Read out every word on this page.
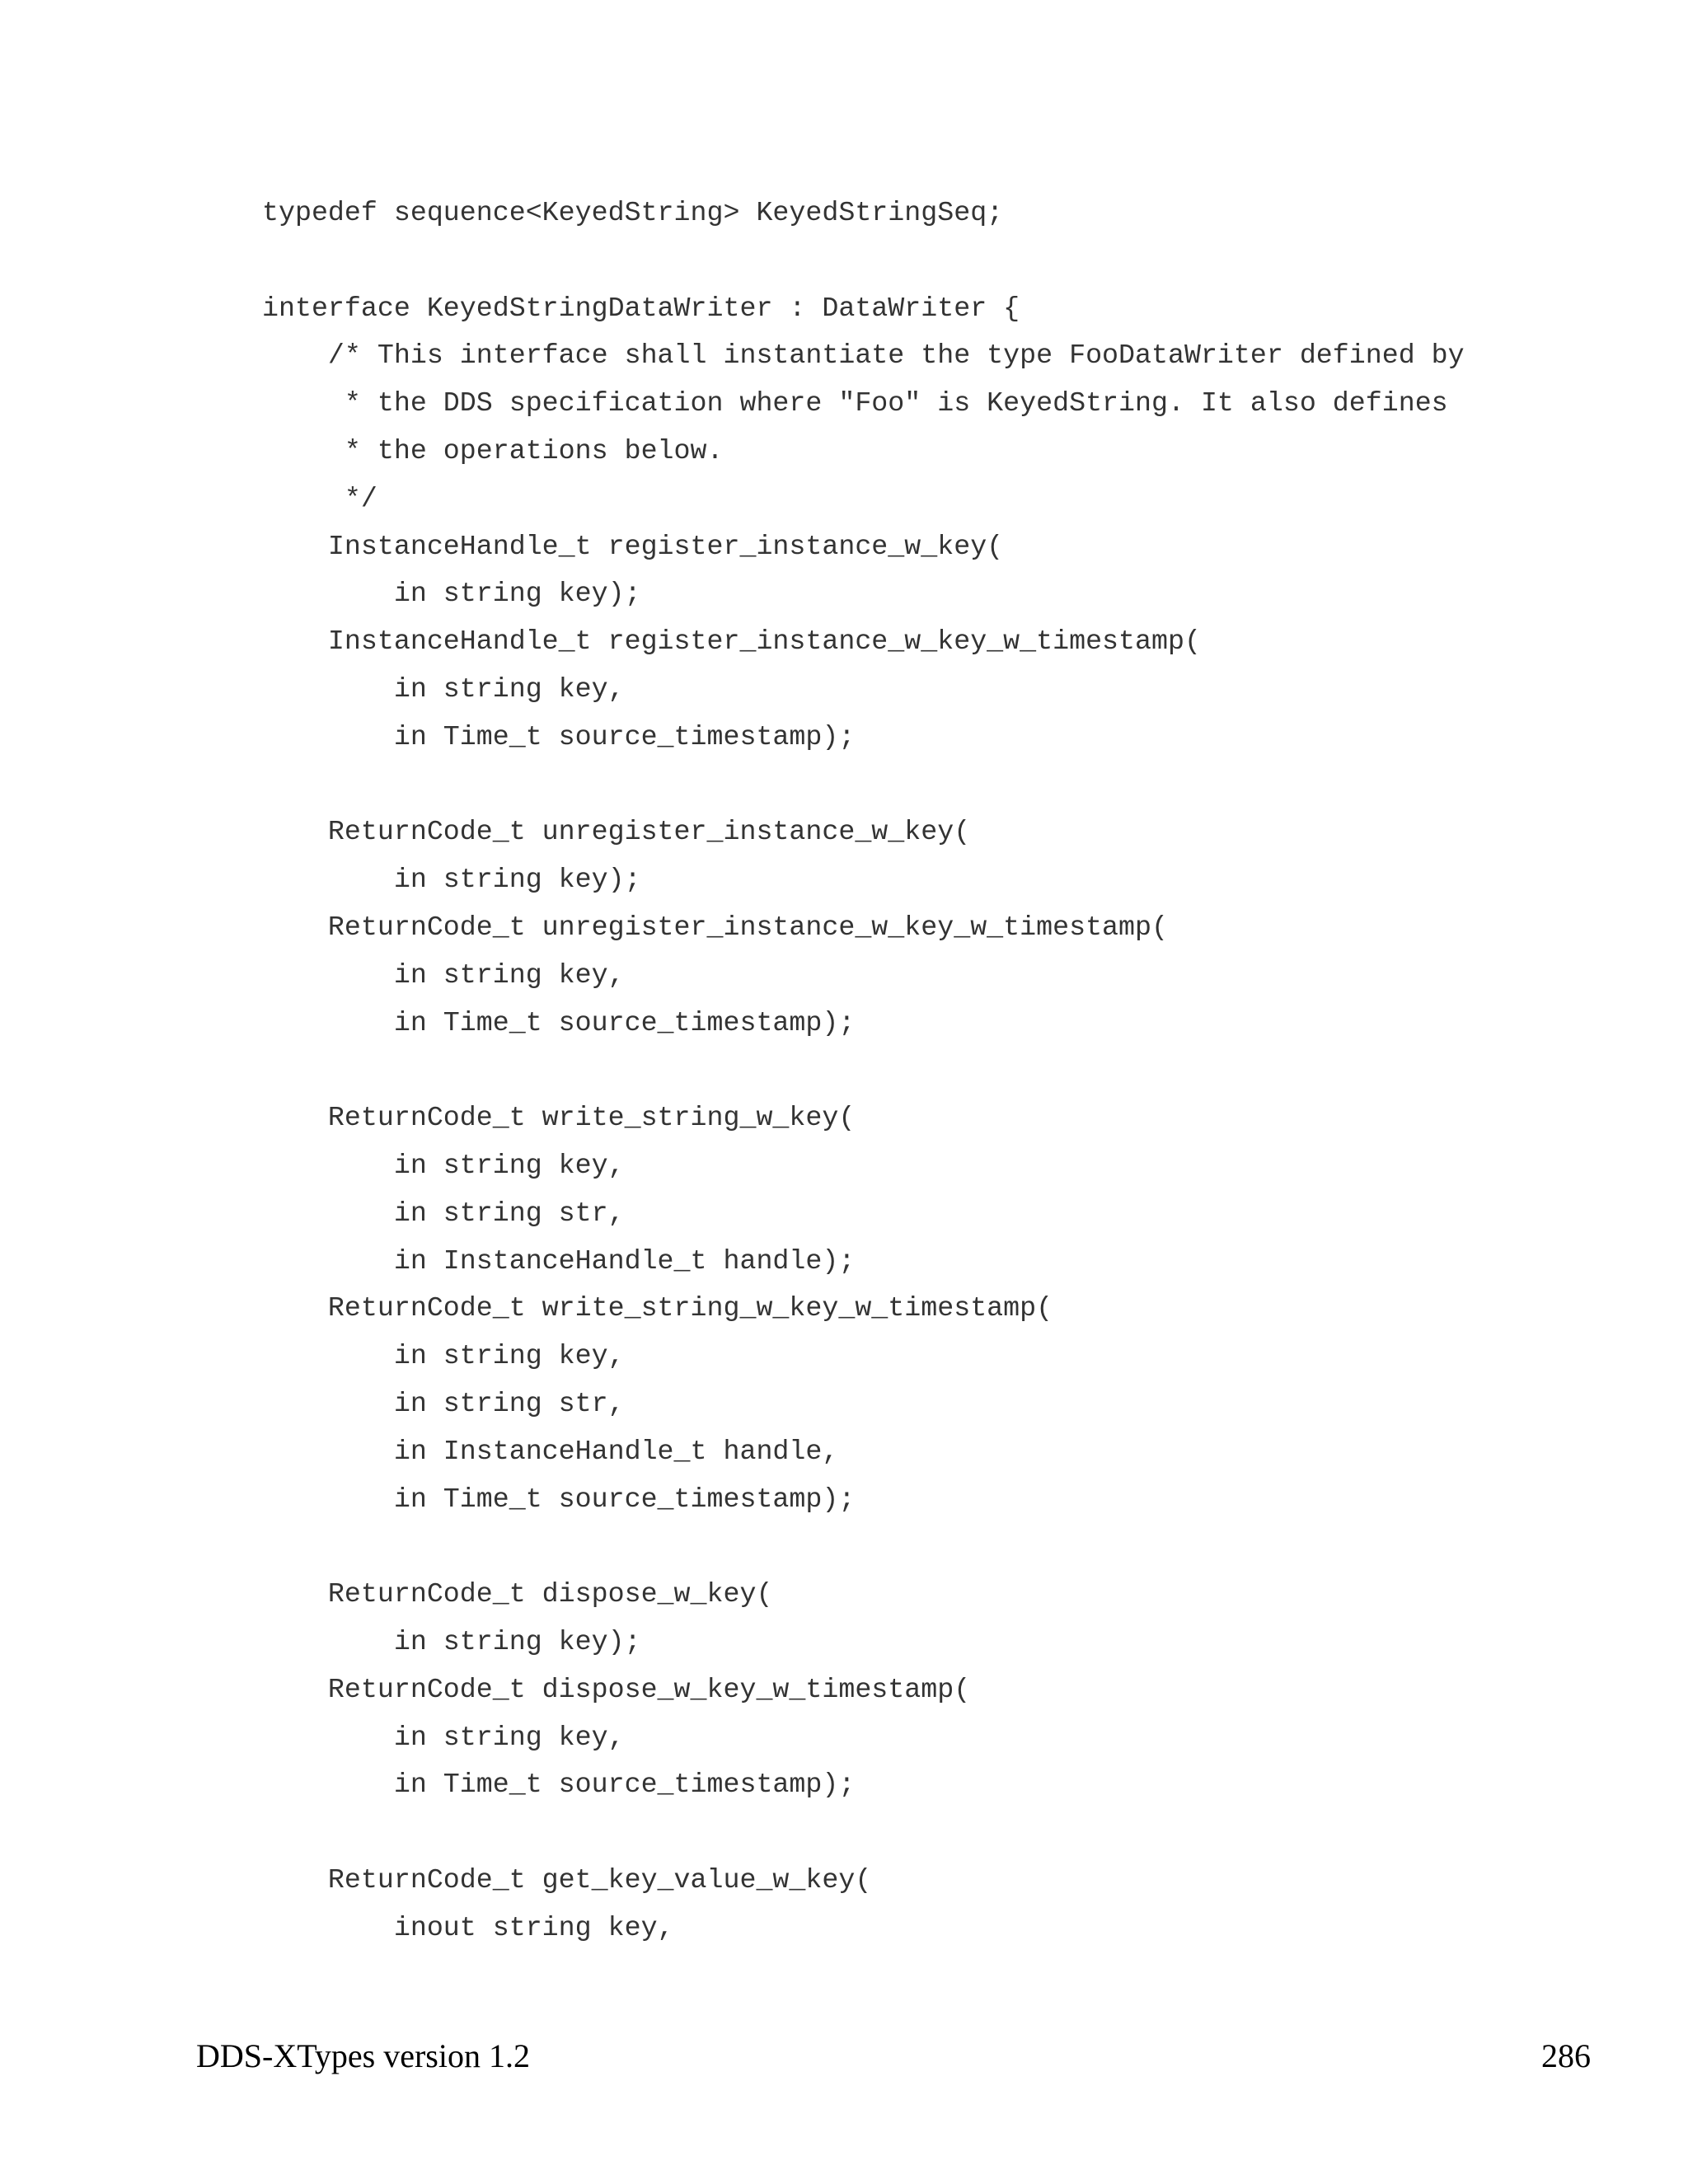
typedef sequence<KeyedString> KeyedStringSeq;
interface KeyedStringDataWriter : DataWriter {
/* This interface shall instantiate the type FooDataWriter defined by
* the DDS specification where "Foo" is KeyedString. It also defines
* the operations below.
*/
InstanceHandle_t register_instance_w_key(
in string key);
InstanceHandle_t register_instance_w_key_w_timestamp(
in string key,
in Time_t source_timestamp);
ReturnCode_t unregister_instance_w_key(
in string key);
ReturnCode_t unregister_instance_w_key_w_timestamp(
in string key,
in Time_t source_timestamp);
ReturnCode_t write_string_w_key(
in string key,
in string str,
in InstanceHandle_t handle);
ReturnCode_t write_string_w_key_w_timestamp(
in string key,
in string str,
in InstanceHandle_t handle,
in Time_t source_timestamp);
ReturnCode_t dispose_w_key(
in string key);
ReturnCode_t dispose_w_key_w_timestamp(
in string key,
in Time_t source_timestamp);
ReturnCode_t get_key_value_w_key(
inout string key,
DDS-XTypes version 1.2	286
